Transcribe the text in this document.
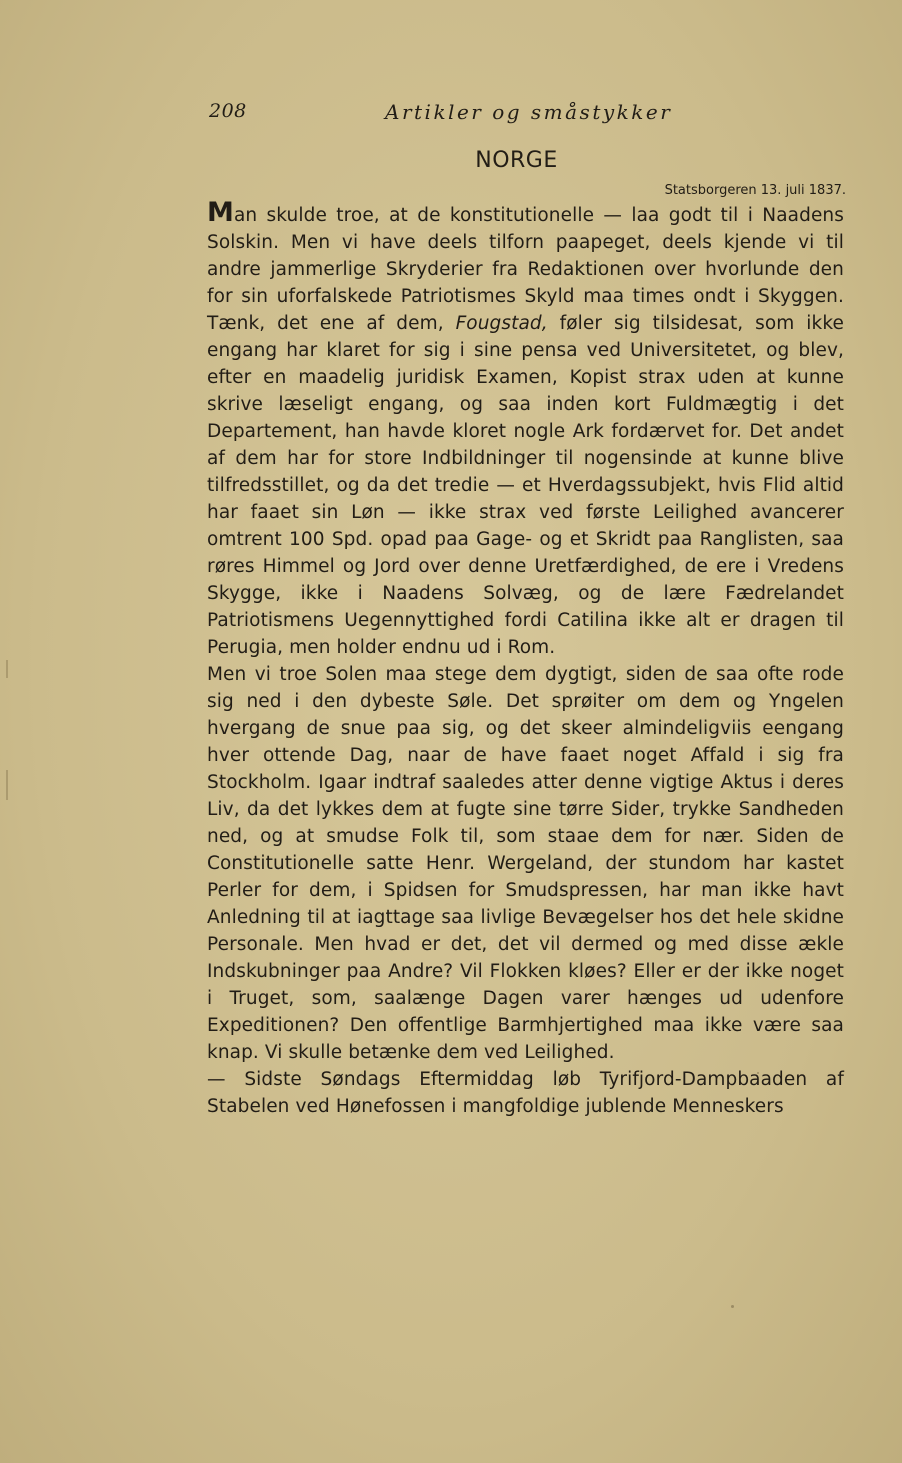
208	Artikler og småstykker
NORGE
Statsborgeren 13. juli 1837.

Man skulde troe, at de konstitutionelle — laa godt til i Naadens Solskin. Men vi have deels tilforn paapeget, deels kjende vi til andre jammerlige Skryderier fra Redaktionen over hvorlunde den for sin uforfalskede Patriotismes Skyld maa times ondt i Skyggen. Tænk, det ene af dem, Fougstad, føler sig tilsidesat, som ikke engang har klaret for sig i sine pensa ved Universitetet, og blev, efter en maadelig juridisk Examen, Kopist strax uden at kunne skrive læseligt engang, og saa inden kort Fuldmægtig i det Departement, han havde kloret nogle Ark fordærvet for. Det andet af dem har for store Indbildninger til nogensinde at kunne blive tilfredsstillet, og da det tredie — et Hverdagssubjekt, hvis Flid altid har faaet sin Løn — ikke strax ved første Leilighed avancerer omtrent 100 Spd. opad paa Gage- og et Skridt paa Ranglisten, saa røres Himmel og Jord over denne Uretfærdighed, de ere i Vredens Skygge, ikke i Naadens Solvæg, og de lære Fædrelandet Patriotismens Uegennyttighed fordi Catilina ikke alt er dragen til Perugia, men holder endnu ud i Rom.

Men vi troe Solen maa stege dem dygtigt, siden de saa ofte rode sig ned i den dybeste Søle. Det sprøiter om dem og Yngelen hvergang de snue paa sig, og det skeer almindeligviis eengang hver ottende Dag, naar de have faaet noget Affald i sig fra Stockholm. Igaar indtraf saaledes atter denne vigtige Aktus i deres Liv, da det lykkes dem at fugte sine tørre Sider, trykke Sandheden ned, og at smudse Folk til, som staae dem for nær. Siden de Constitutionelle satte Henr. Wergeland, der stundom har kastet Perler for dem, i Spidsen for Smudspressen, har man ikke havt Anledning til at iagttage saa livlige Bevægelser hos det hele skidne Personale. Men hvad er det, det vil dermed og med disse ækle Indskubninger paa Andre? Vil Flokken kløes? Eller er der ikke noget i Truget, som, saalænge Dagen varer hænges ud udenfore Expeditionen? Den offentlige Barmhjertighed maa ikke være saa knap. Vi skulle betænke dem ved Leilighed.

— Sidste Søndags Eftermiddag løb Tyrifjord-Dampbaaden af Stabelen ved Hønefossen i mangfoldige jublende Menneskers
